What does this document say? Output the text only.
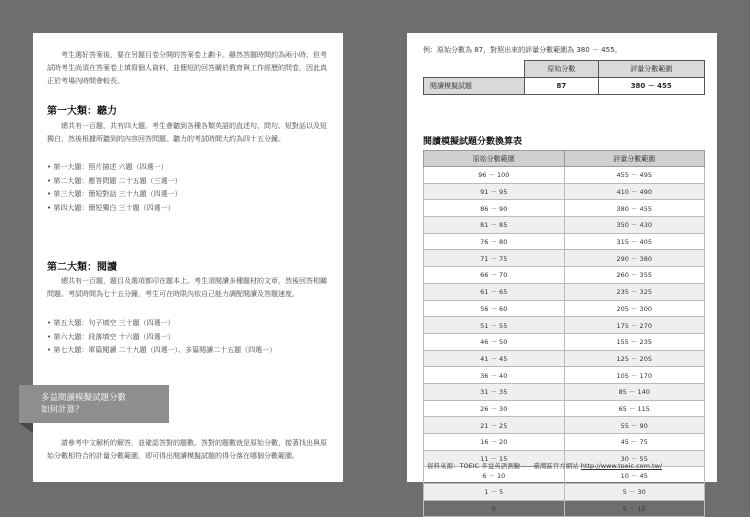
考生選好答案後，要在另題目卷分開的答案卷上劃卡。雖然答題時間約為兩小時，但考試時考生尚須在答案卷上填寫個人資料，並簡短的回答關於教育與工作經歷的問卷，因此真正於考場內時間會較長。

第一大類：聽力

總共有一百題，共有四大題。考生會聽到各種各類英語的直述句、問句、短對話以及短獨白，然後根據所聽到的內容回答問題。聽力的考試時間大約為四十五分鐘。

• 第一大題：照片描述 六題（四選一）
• 第二大題：應答問題 二十五題（三選一）
• 第三大題：簡短對話 三十九題（四選一）
• 第四大題：簡短獨白 三十題（四選一）
第二大類：閱讀

總共有一百題，題目及選項都印在題本上。考生須閱讀多種題材的文章，然後回答相關問題。考試時間為七十五分鐘，考生可在時限內依自己能力調配閱讀及答題速度。

• 第五大題：句子填空 三十題（四選一）
• 第六大題：段落填空 十六題（四選一）
• 第七大題：單篇閱讀 二十九題（四選一）、多篇閱讀二十五題（四選一）
多益閱讀模擬試題分數
如何計算？

請參考中文解析的解答，並確認答對的題數。答對的題數就是原始分數，接著找出與原始分數相符合的計量分數範圍，即可得出閱讀模擬試題的得分落在哪個分數範圍。

例：原始分數為 87，對照出來的評量分數範圍為 380 － 455。

	原始分數	評量分數範圍
閱讀模擬試題	87	380 － 455
閱讀模擬試題分數換算表
原始分數範圍	評量分數範圍
96 － 100	455 － 495
91 － 95	410 － 490
86 － 90	380 － 455
81 － 85	350 － 430
76 － 80	315 － 405
71 － 75	290 － 380
66 － 70	260 － 355
61 － 65	235 － 325
56 － 60	205 － 300
51 － 55	175 － 270
46 － 50	155 － 235
41 － 45	125 － 205
36 － 40	105 － 170
31 － 35	85 － 140
26 － 30	65 － 115
21 － 25	55 － 90
16 － 20	45 － 75
11 － 15	30 － 55
6 － 10	10 － 45
1 － 5	5 － 30
0	5 － 15

資料來源：TOEIC 多益英語測驗——臺灣區官方網站 http://www.toeic.com.tw/
